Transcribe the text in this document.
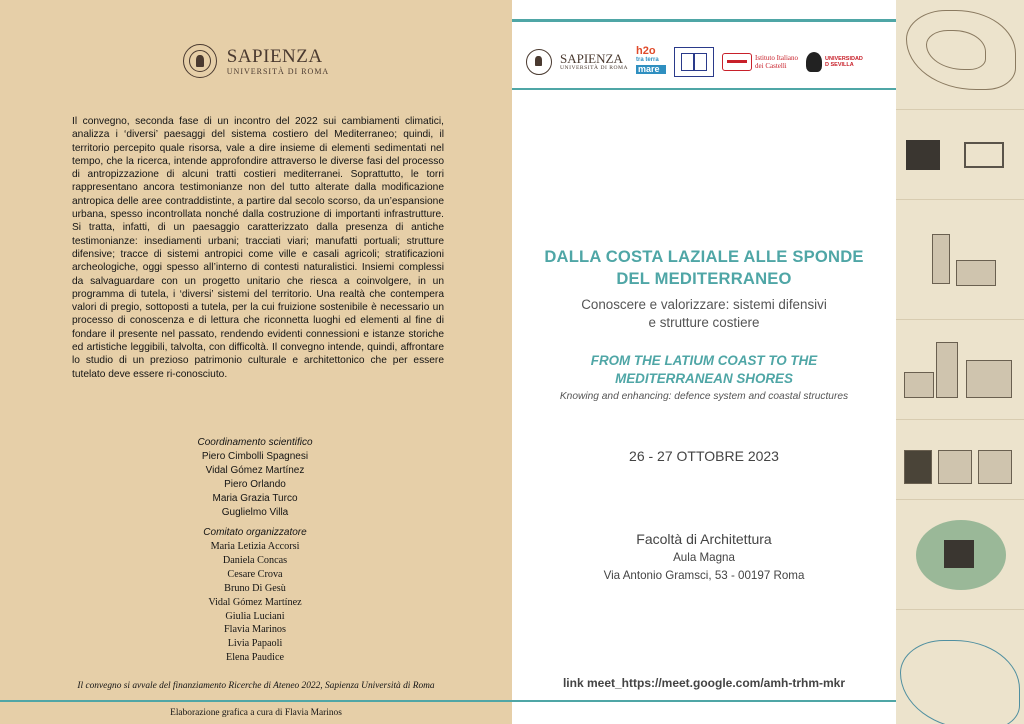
SAPIENZA
UNIVERSITÀ DI ROMA

Il convegno, seconda fase di un incontro del 2022 sui cambiamenti climatici, analizza i ‘diversi’ paesaggi del sistema costiero del Mediterraneo; quindi, il territorio percepito quale risorsa, vale a dire insieme di elementi sedimentati nel tempo, che la ricerca, intende approfondire attraverso le diverse fasi del processo di antropizzazione di alcuni tratti costieri mediterranei. Soprattutto, le torri rappresentano ancora testimonianze non del tutto alterate dalla modificazione antropica delle aree contraddistinte, a partire dal secolo scorso, da un’espansione urbana, spesso incontrollata nonché dalla costruzione di importanti infrastrutture. Si tratta, infatti, di un paesaggio caratterizzato dalla presenza di antiche testimonianze: insediamenti urbani; tracciati viari; manufatti portuali; strutture difensive; tracce di sistemi antropici come ville e casali agricoli; stratificazioni archeologiche, oggi spesso all’interno di contesti naturalistici. Insiemi complessi da salvaguardare con un progetto unitario che riesca a coinvolgere, in un programma di tutela, i ‘diversi’ sistemi del territorio. Una realtà che contempera valori di pregio, sottoposti a tutela, per la cui fruizione sostenibile è necessario un processo di conoscenza e di lettura che riconnetta luoghi ed elementi al fine di fondare il presente nel passato, rendendo evidenti connessioni e istanze storiche ed artistiche leggibili, talvolta, con difficoltà. Il convegno intende, quindi, affrontare lo studio di un prezioso patrimonio culturale e architettonico che per essere tutelato deve essere ri-conosciuto.

Coordinamento scientifico
Piero Cimbolli Spagnesi
Vidal Gómez Martínez
Piero Orlando
Maria Grazia Turco
Guglielmo Villa
Comitato organizzatore
Maria Letizia Accorsi
Daniela Concas
Cesare Crova
Bruno Di Gesù
Vidal Gómez Martínez
Giulia Luciani
Flavia Marinos
Livia Papaoli
Elena Paudice
Il convegno si avvale del finanziamento Ricerche di Ateneo 2022, Sapienza Università di Roma
Elaborazione grafica a cura di Flavia Marinos
SAPIENZA
UNIVERSITÀ DI ROMA
h2o
tra terra
mare
Istituto Italiano
dei Castelli
UNIVERSIDAD
D SEVILLA
DALLA COSTA LAZIALE ALLE SPONDE
DEL MEDITERRANEO
Conoscere e valorizzare: sistemi difensivi
e strutture costiere
FROM THE LATIUM COAST TO THE
MEDITERRANEAN SHORES
Knowing and enhancing: defence system and coastal structures
26 - 27 OTTOBRE 2023
Facoltà di Architettura
Aula Magna
Via Antonio Gramsci, 53 - 00197 Roma
link meet_https://meet.google.com/amh-trhm-mkr
